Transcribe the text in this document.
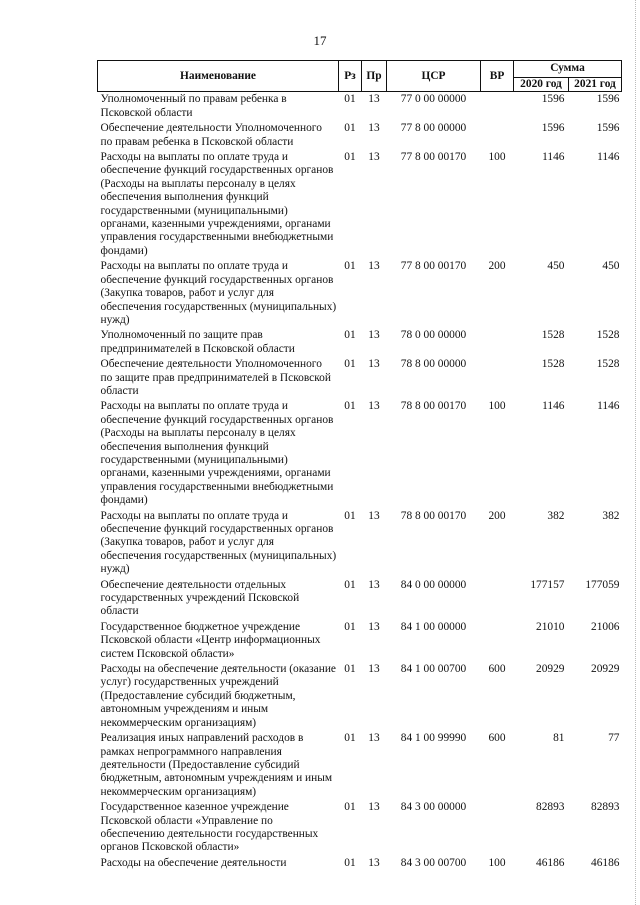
17
Наименование	Рз	Пр	ЦСР	ВР	Сумма	
					2020 год	2021 год
Уполномоченный по правам ребенка в Псковской области	01	13	77 0 00 00000		1596	1596
Обеспечение деятельности Уполномоченного по правам ребенка в Псковской области	01	13	77 8 00 00000		1596	1596
Расходы на выплаты по оплате труда и обеспечение функций государственных органов (Расходы на выплаты персоналу в целях обеспечения выполнения функций государственными (муниципальными) органами, казенными учреждениями, органами управления государственными внебюджетными фондами)	01	13	77 8 00 00170	100	1146	1146
Расходы на выплаты по оплате труда и обеспечение функций государственных органов (Закупка товаров, работ и услуг для обеспечения государственных (муниципальных) нужд)	01	13	77 8 00 00170	200	450	450
Уполномоченный по защите прав предпринимателей в Псковской области	01	13	78 0 00 00000		1528	1528
Обеспечение деятельности Уполномоченного по защите прав предпринимателей в Псковской области	01	13	78 8 00 00000		1528	1528
Расходы на выплаты по оплате труда и обеспечение функций государственных органов (Расходы на выплаты персоналу в целях обеспечения выполнения функций государственными (муниципальными) органами, казенными учреждениями, органами управления государственными внебюджетными фондами)	01	13	78 8 00 00170	100	1146	1146
Расходы на выплаты по оплате труда и обеспечение функций государственных органов (Закупка товаров, работ и услуг для обеспечения государственных (муниципальных) нужд)	01	13	78 8 00 00170	200	382	382
Обеспечение деятельности отдельных государственных учреждений Псковской области	01	13	84 0 00 00000		177157	177059
Государственное бюджетное учреждение Псковской области «Центр информационных систем Псковской области»	01	13	84 1 00 00000		21010	21006
Расходы на обеспечение деятельности (оказание услуг) государственных учреждений (Предоставление субсидий бюджетным, автономным учреждениям и иным некоммерческим организациям)	01	13	84 1 00 00700	600	20929	20929
Реализация иных направлений расходов в рамках непрограммного направления деятельности (Предоставление субсидий бюджетным, автономным учреждениям и иным некоммерческим организациям)	01	13	84 1 00 99990	600	81	77
Государственное казенное учреждение Псковской области «Управление по обеспечению деятельности государственных органов Псковской области»	01	13	84 3 00 00000		82893	82893
Расходы на обеспечение деятельности	01	13	84 3 00 00700	100	46186	46186
